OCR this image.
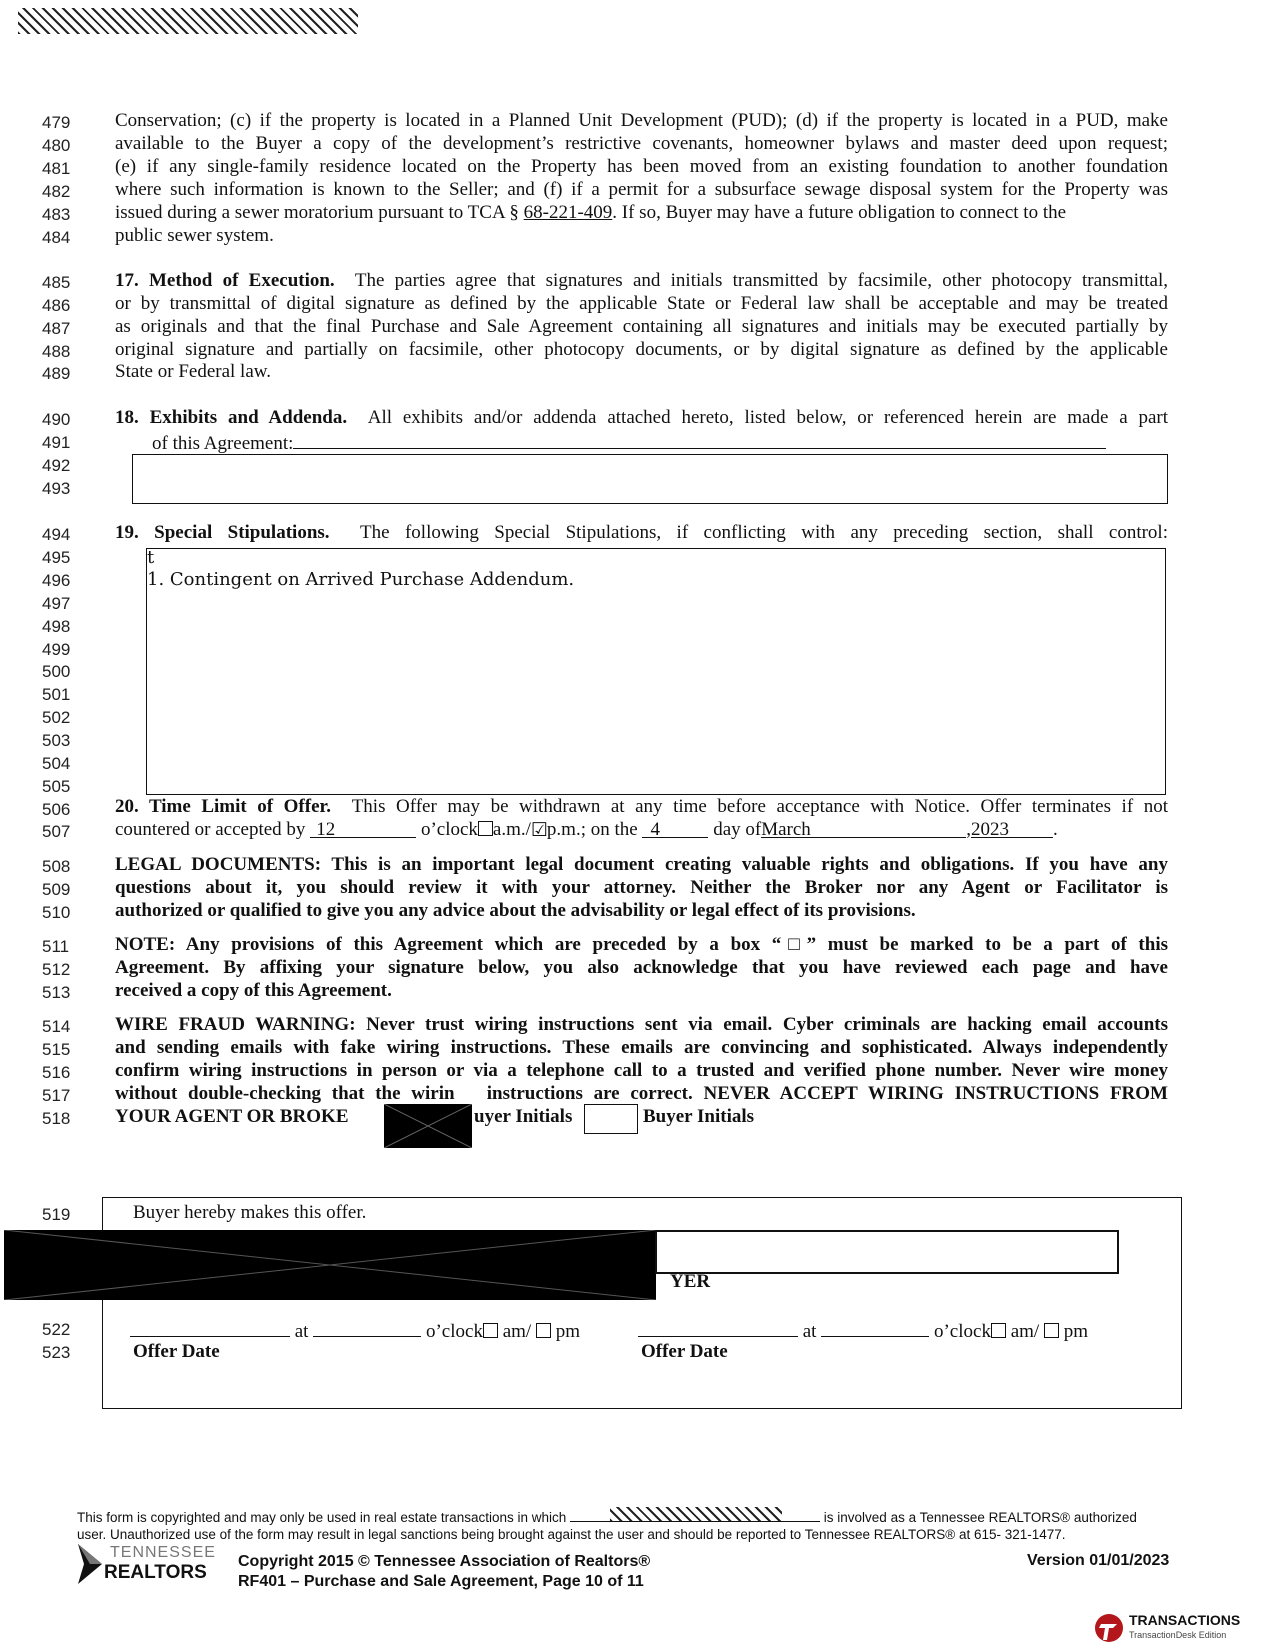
479
480
481
482
483
484
485
486
487
488
489
490
491
492
493
494
495
496
497
498
499
500
501
502
503
504
505
506
507
508
509
510
511
512
513
514
515
516
517
518
519
522
523
Conservation; (c) if the property is located in a Planned Unit Development (PUD); (d) if the property is located in a PUD, make
available to the Buyer a copy of the development’s restrictive covenants, homeowner bylaws and master deed upon request;
(e) if any single-family residence located on the Property has been moved from an existing foundation to another foundation
where such information is known to the Seller; and (f) if a permit for a subsurface sewage disposal system for the Property was
issued during a sewer moratorium pursuant to TCA § 68-221-409. If so, Buyer may have a future obligation to connect to the
public sewer system.
17. Method of Execution. The parties agree that signatures and initials transmitted by facsimile, other photocopy transmittal,
or by transmittal of digital signature as defined by the applicable State or Federal law shall be acceptable and may be treated
as originals and that the final Purchase and Sale Agreement containing all signatures and initials may be executed partially by
original signature and partially on facsimile, other photocopy documents, or by digital signature as defined by the applicable
State or Federal law.
18. Exhibits and Addenda. All exhibits and/or addenda attached hereto, listed below, or referenced herein are made a part
of this Agreement:
19. Special Stipulations. The following Special Stipulations, if conflicting with any preceding section, shall control:
t
1. Contingent on Arrived Purchase Addendum.
20. Time Limit of Offer. This Offer may be withdrawn at any time before acceptance with Notice. Offer terminates if not
countered or accepted by 12	o’clock a.m./☑p.m.; on the 4	day ofMarch	,2023 .
LEGAL DOCUMENTS: This is an important legal document creating valuable rights and obligations. If you have any
questions about it, you should review it with your attorney. Neither the Broker nor any Agent or Facilitator is
authorized or qualified to give you any advice about the advisability or legal effect of its provisions.
NOTE: Any provisions of this Agreement which are preceded by a box “□” must be marked to be a part of this
Agreement. By affixing your signature below, you also acknowledge that you have reviewed each page and have
received a copy of this Agreement.
WIRE FRAUD WARNING: Never trust wiring instructions sent via email. Cyber criminals are hacking email accounts
and sending emails with fake wiring instructions. These emails are convincing and sophisticated. Always independently
confirm wiring instructions in person or via a telephone call to a trusted and verified phone number. Never wire money
without double-checking that the wirin   instructions are correct. NEVER ACCEPT WIRING INSTRUCTIONS FROM
YOUR AGENT OR BROKE	uyer Initials	Buyer Initials
Buyer hereby makes this offer.
YER
at	o’clock am/ pm
Offer Date
at	o’clock am/ pm
Offer Date
This form is copyrighted and may only be used in real estate transactions in which	is involved as a Tennessee REALTORS® authorized
user. Unauthorized use of the form may result in legal sanctions being brought against the user and should be reported to Tennessee REALTORS® at 615- 321-1477.
TENNESSEE
REALTORS
Copyright 2015 © Tennessee Association of Realtors®
RF401 – Purchase and Sale Agreement, Page 10 of 11
Version 01/01/2023
TRANSACTIONS
TransactionDesk Edition
